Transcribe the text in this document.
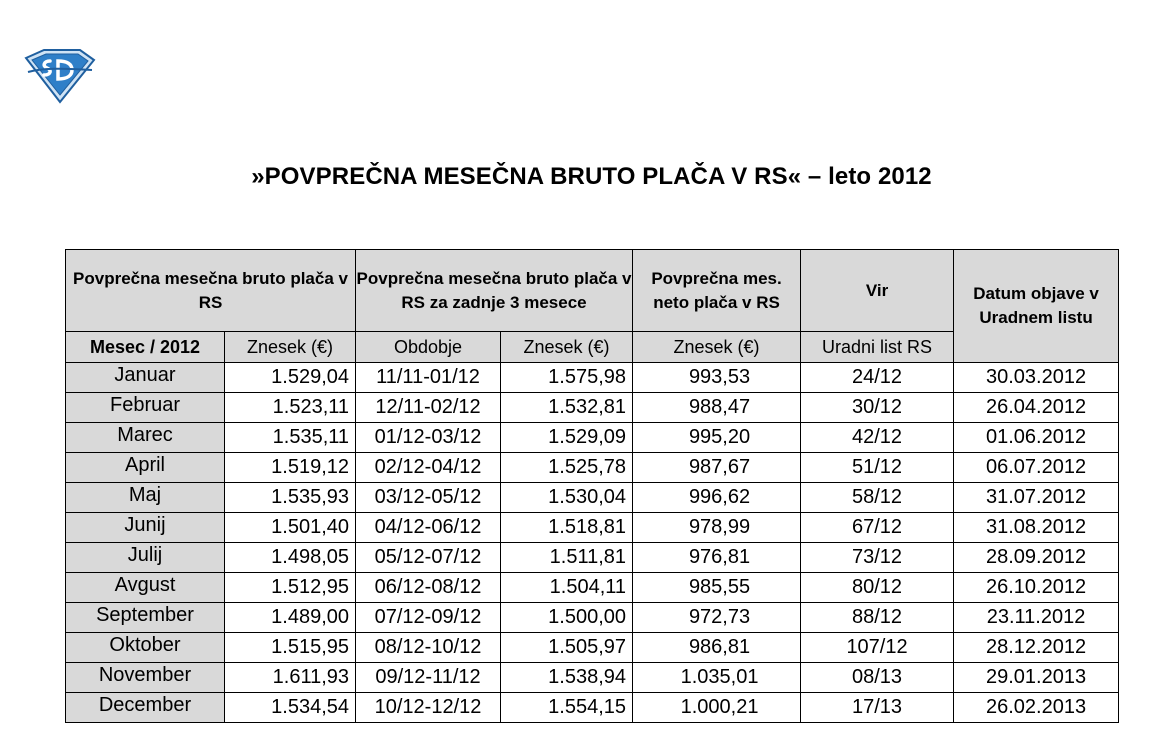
»POVPREČNA MESEČNA BRUTO PLAČA V RS« – leto 2012
Povprečna mesečna bruto plača v RS		Povprečna mesečna bruto plača v RS za zadnje 3 mesece		Povprečna mes. neto plača v RS	Vir	Datum objave v Uradnem listu
Mesec / 2012	Znesek (€)	Obdobje	Znesek (€)	Znesek (€)	Uradni list RS	
Januar	1.529,04	11/11-01/12	1.575,98	993,53	24/12	30.03.2012
Februar	1.523,11	12/11-02/12	1.532,81	988,47	30/12	26.04.2012
Marec	1.535,11	01/12-03/12	1.529,09	995,20	42/12	01.06.2012
April	1.519,12	02/12-04/12	1.525,78	987,67	51/12	06.07.2012
Maj	1.535,93	03/12-05/12	1.530,04	996,62	58/12	31.07.2012
Junij	1.501,40	04/12-06/12	1.518,81	978,99	67/12	31.08.2012
Julij	1.498,05	05/12-07/12	1.511,81	976,81	73/12	28.09.2012
Avgust	1.512,95	06/12-08/12	1.504,11	985,55	80/12	26.10.2012
September	1.489,00	07/12-09/12	1.500,00	972,73	88/12	23.11.2012
Oktober	1.515,95	08/12-10/12	1.505,97	986,81	107/12	28.12.2012
November	1.611,93	09/12-11/12	1.538,94	1.035,01	08/13	29.01.2013
December	1.534,54	10/12-12/12	1.554,15	1.000,21	17/13	26.02.2013
